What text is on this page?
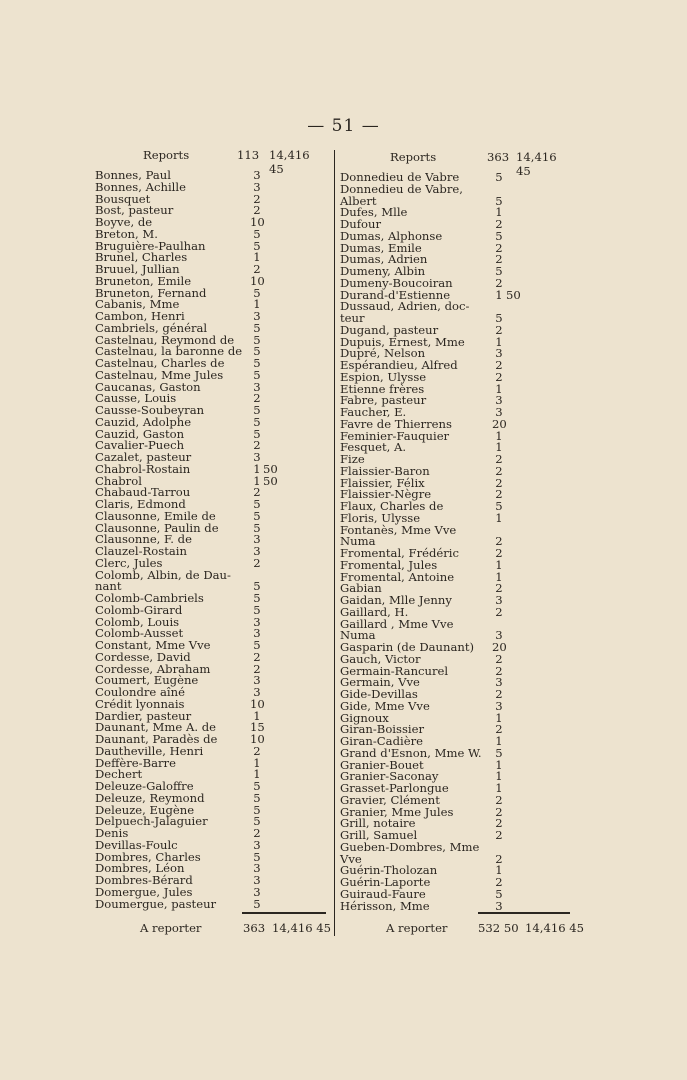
— 51 —
Reports	113 14,416 45
Bonnes, Paul	3
Bonnes, Achille	3
Bousquet	2
Bost, pasteur	2
Boyve, de	10
Breton, M.	5
Bruguière-Paulhan	5
Brunel, Charles	1
Bruuel, Jullian	2
Bruneton, Emile	10
Bruneton, Fernand	5
Cabanis, Mme	1
Cambon, Henri	3
Cambriels, général	5
Castelnau, Reymond de 5
Castelnau, la baronne de 5
Castelnau, Charles de 5
Castelnau, Mme Jules	5
Caucanas, Gaston	3
Causse, Louis	2
Causse-Soubeyran	5
Cauzid, Adolphe	5
Cauzid, Gaston	5
Cavalier-Puech	2
Cazalet, pasteur	3
Chabrol-Rostain	1 50
Chabrol	1 50
Chabaud-Tarrou	2
Claris, Edmond	5
Clausonne, Emile de	5
Clausonne, Paulin de	5
Clausonne, F. de	3
Clauzel-Rostain	3
Clerc, Jules	2
Colomb, Albin, de Dau-
nant	5
Colomb-Cambriels	5
Colomb-Girard	5
Colomb, Louis	3
Colomb-Ausset	3
Constant, Mme Vve	5
Cordesse, David	2
Cordesse, Abraham	2
Coumert, Eugène	3
Coulondre aîné	3
Crédit lyonnais	10
Dardier, pasteur	1
Daunant, Mme A. de	15
Daunant, Paradès de	10
Dautheville, Henri	2
Deffère-Barre	1
Dechert	1
Deleuze-Galoffre	5
Deleuze, Reymond	5
Deleuze, Eugène	5
Delpuech-Jalaguier	5
Denis	2
Devillas-Foulc	3
Dombres, Charles	5
Dombres, Léon	3
Dombres-Bérard	3
Domergue, Jules	3
Doumergue, pasteur	5
Reports	363 14,416 45
Donnedieu de Vabre	5
Donnedieu de Vabre,
Albert	5
Dufes, Mlle	1
Dufour	2
Dumas, Alphonse	5
Dumas, Emile	2
Dumas, Adrien	2
Dumeny, Albin	5
Dumeny-Boucoiran	2
Durand-d'Estienne	1 50
Dussaud, Adrien, doc-
teur	5
Dugand, pasteur	2
Dupuis, Ernest, Mme	1
Dupré, Nelson	3
Espérandieu, Alfred	2
Espion, Ulysse	2
Etienne frères	1
Fabre, pasteur	3
Faucher, E.	3
Favre de Thierrens	20
Feminier-Fauquier	1
Fesquet, A.	1
Fize	2
Flaissier-Baron	2
Flaissier, Félix	2
Flaissier-Nègre	2
Flaux, Charles de	5
Floris, Ulysse	1
Fontanès, Mme Vve
Numa	2
Fromental, Frédéric	2
Fromental, Jules	1
Fromental, Antoine	1
Gabian	2
Gaidan, Mlle Jenny	3
Gaillard, H.	2
Gaillard , Mme Vve
Numa	3
Gasparin (de Daunant) 20
Gauch, Victor	2
Germain-Rancurel	2
Germain, Vve	3
Gide-Devillas	2
Gide, Mme Vve	3
Gignoux	1
Giran-Boissier	2
Giran-Cadière	1
Grand d'Esnon, Mme W. 5
Granier-Bouet	1
Granier-Saconay	1
Grasset-Parlongue	1
Gravier, Clément	2
Granier, Mme Jules	2
Grill, notaire	2
Grill, Samuel	2
Gueben-Dombres, Mme
Vve	2
Guérin-Tholozan	1
Guérin-Laporte	2
Guiraud-Faure	5
Hérisson, Mme	3
A reporter	363 14,416 45	A reporter	532 50 14,416 45
